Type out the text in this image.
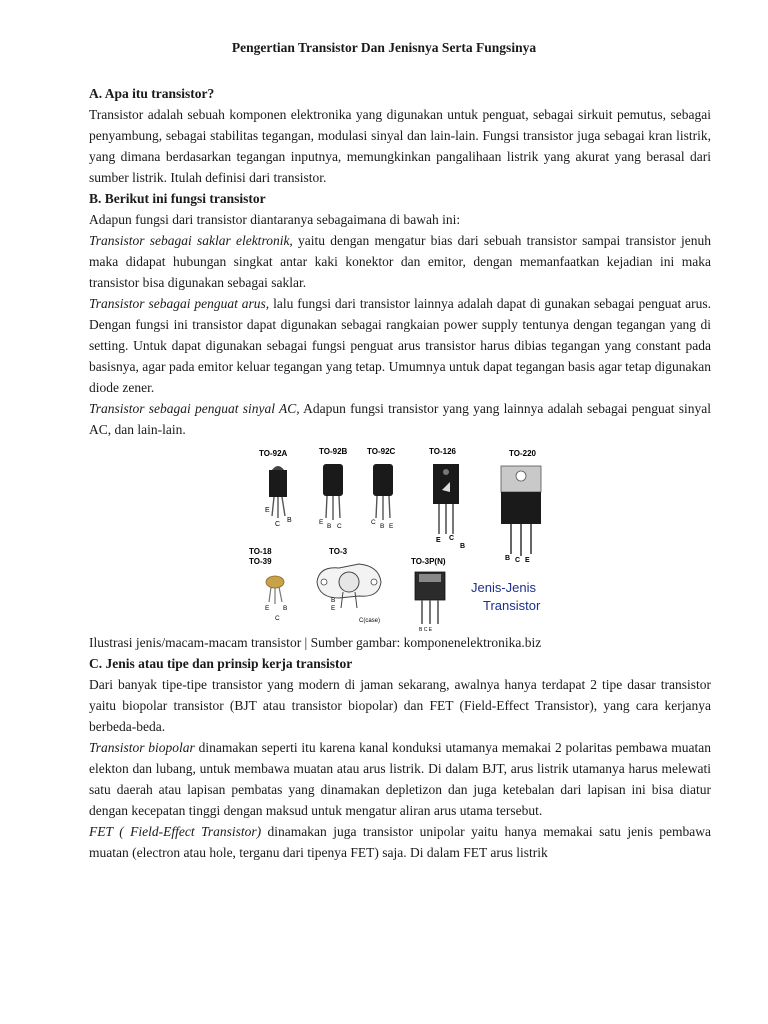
Pengertian Transistor Dan Jenisnya Serta Fungsinya
A. Apa itu transistor?

Transistor adalah sebuah komponen elektronika yang digunakan untuk penguat, sebagai sirkuit pemutus, sebagai penyambung, sebagai stabilitas tegangan, modulasi sinyal dan lain-lain. Fungsi transistor juga sebagai kran listrik, yang dimana berdasarkan tegangan inputnya, memungkinkan pangalihaan listrik yang akurat yang berasal dari sumber listrik. Itulah definisi dari transistor.

B. Berikut ini fungsi transistor

Adapun fungsi dari transistor diantaranya sebagaimana di bawah ini:

Transistor sebagai saklar elektronik, yaitu dengan mengatur bias dari sebuah transistor sampai transistor jenuh maka didapat hubungan singkat antar kaki konektor dan emitor, dengan memanfaatkan kejadian ini maka transistor bisa digunakan sebagai saklar.

Transistor sebagai penguat arus, lalu fungsi dari transistor lainnya adalah dapat di gunakan sebagai penguat arus. Dengan fungsi ini transistor dapat digunakan sebagai rangkaian power supply tentunya dengan tegangan yang di setting. Untuk dapat digunakan sebagai fungsi penguat arus transistor harus dibias tegangan yang constant pada basisnya, agar pada emitor keluar tegangan yang tetap. Umumnya untuk dapat tegangan basis agar tetap digunakan diode zener.

Transistor sebagai penguat sinyal AC, Adapun fungsi transistor yang yang lainnya adalah sebagai penguat sinyal AC, dan lain-lain.

TO-92A
E
C
B
TO-92B
E
B C
TO-92C
C
B E
TO-126
E C
B
TO-220
B C E
TO-18
TO-39
E B
C
TO-3
B
E
C(case)
TO-3P(N)
B C E
Jenis-Jenis
Transistor

Ilustrasi jenis/macam-macam transistor | Sumber gambar: komponenelektronika.biz

C. Jenis atau tipe dan prinsip kerja transistor

Dari banyak tipe-tipe transistor yang modern di jaman sekarang, awalnya hanya terdapat 2 tipe dasar transistor yaitu biopolar transistor (BJT atau transistor biopolar) dan FET (Field-Effect Transistor), yang cara kerjanya berbeda-beda.

Transistor biopolar dinamakan seperti itu karena kanal konduksi utamanya memakai 2 polaritas pembawa muatan elekton dan lubang, untuk membawa muatan atau arus listrik. Di dalam BJT, arus listrik utamanya harus melewati satu daerah atau lapisan pembatas yang dinamakan depletizon dan juga ketebalan dari lapisan ini bisa diatur dengan kecepatan tinggi dengan maksud untuk mengatur aliran arus utama tersebut.

FET ( Field-Effect Transistor) dinamakan juga transistor unipolar yaitu hanya memakai satu jenis pembawa muatan (electron atau hole, terganu dari tipenya FET) saja. Di dalam FET arus listrik
